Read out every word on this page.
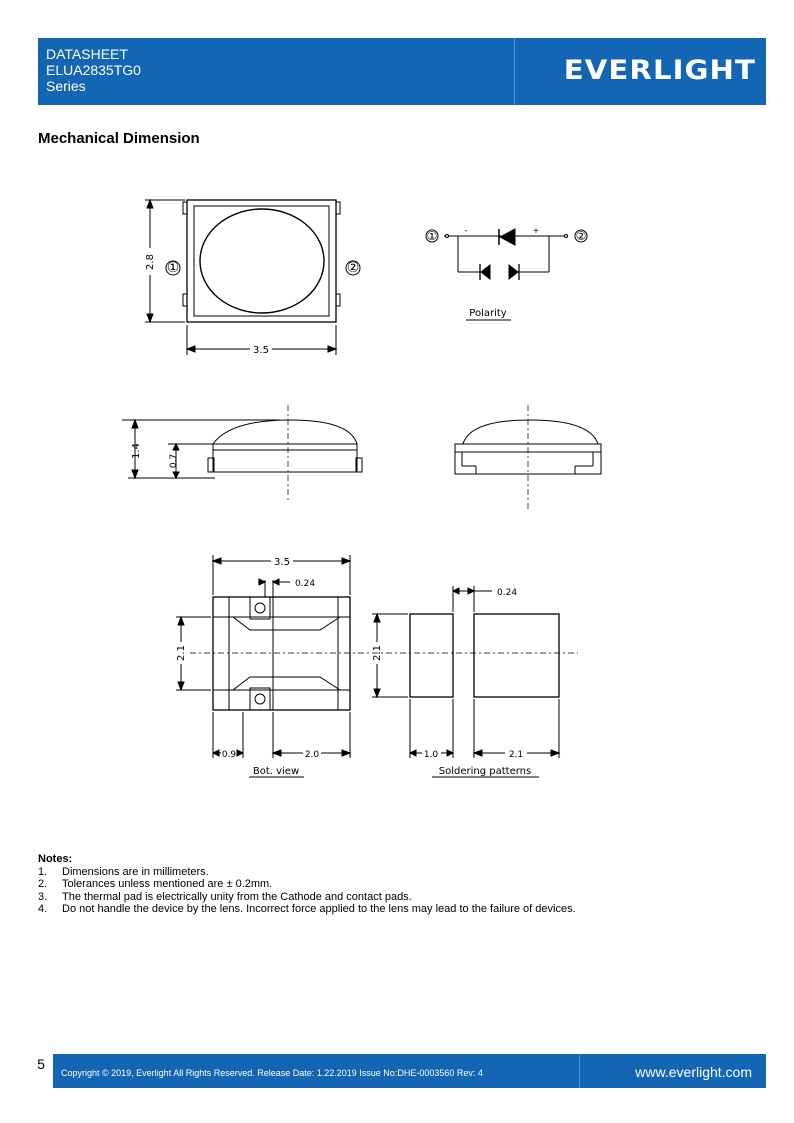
DATASHEET
ELUA2835TG0
Series	EVERLIGHT
Mechanical Dimension
2.8
3.5
-	+
Polarity
1.4
0.7
3.5
0.24
2.1
0.9	2.0
Bot. view
0.24
2.1
1.0	2.1
Soldering patterns
①	②
①	②
Notes:
1.	Dimensions are in millimeters.
2.	Tolerances unless mentioned are ± 0.2mm.
3.	The thermal pad is electrically unity from the Cathode and contact pads.
4.	Do not handle the device by the lens. Incorrect force applied to the lens may lead to the failure of devices.
5
Copyright © 2019, Everlight All Rights Reserved. Release Date: 1.22.2019 Issue No:DHE-0003560 Rev: 4	www.everlight.com
